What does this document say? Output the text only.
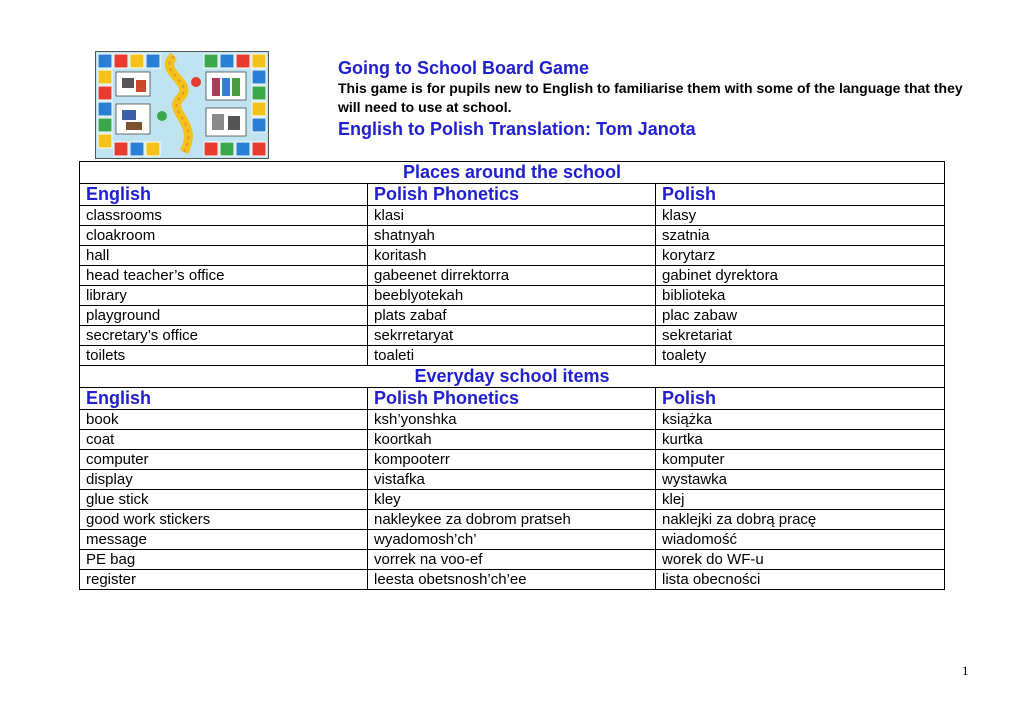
Going to School Board Game

This game is for pupils new to English to familiarise them with some of the language that they will need to use at school.

English to Polish Translation: Tom Janota

Places around the school		
English	Polish Phonetics	Polish
classrooms	klasi	klasy
cloakroom	shatnyah	szatnia
hall	koritash	korytarz
head teacher’s office	gabeenet dirrektorra	gabinet dyrektora
library	beeblyotekah	biblioteka
playground	plats zabaf	plac zabaw
secretary’s office	sekrretaryat	sekretariat
toilets	toaleti	toalety
Everyday school items		
English	Polish Phonetics	Polish
book	ksh’yonshka	książka
coat	koortkah	kurtka
computer	kompooterr	komputer
display	vistafka	wystawka
glue stick	kley	klej
good work stickers	naklеykee za dobrom pratseh	naklejki za dobrą pracę
message	wyadomosh’ch’	wiadomość
PE bag	vorrek na voo-ef	worek do WF-u
register	leesta obetsnosh’ch’ee	lista obecności
1
